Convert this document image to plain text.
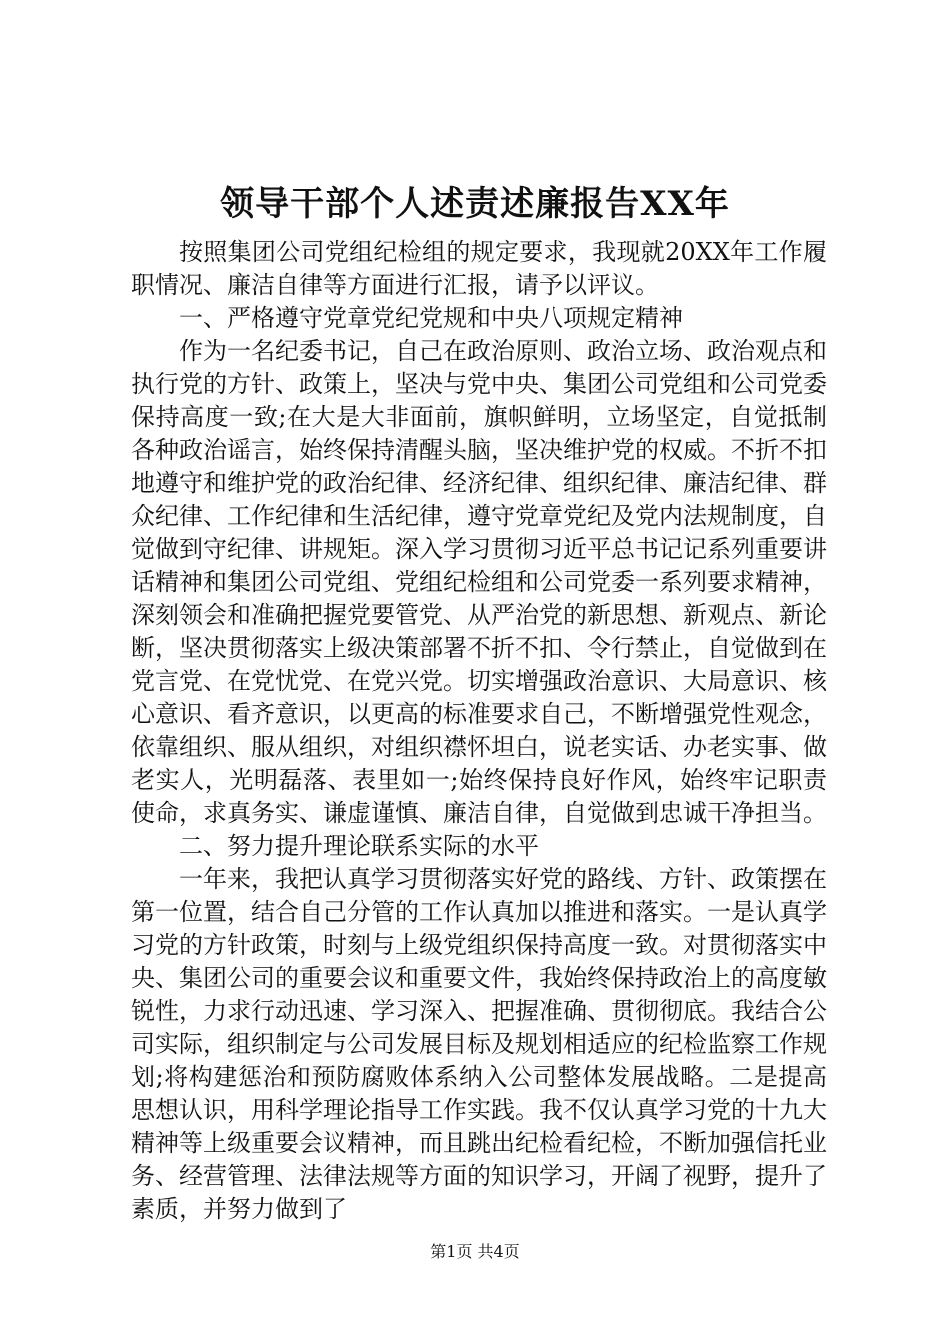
领导干部个人述责述廉报告XX年

按照集团公司党组纪检组的规定要求，我现就20XX年工作履职情况、廉洁自律等方面进行汇报，请予以评议。

一、严格遵守党章党纪党规和中央八项规定精神

作为一名纪委书记，自己在政治原则、政治立场、政治观点和执行党的方针、政策上，坚决与党中央、集团公司党组和公司党委保持高度一致;在大是大非面前，旗帜鲜明，立场坚定，自觉抵制各种政治谣言，始终保持清醒头脑，坚决维护党的权威。不折不扣地遵守和维护党的政治纪律、经济纪律、组织纪律、廉洁纪律、群众纪律、工作纪律和生活纪律，遵守党章党纪及党内法规制度，自觉做到守纪律、讲规矩。深入学习贯彻习近平总书记记系列重要讲话精神和集团公司党组、党组纪检组和公司党委一系列要求精神，深刻领会和准确把握党要管党、从严治党的新思想、新观点、新论断，坚决贯彻落实上级决策部署不折不扣、令行禁止，自觉做到在党言党、在党忧党、在党兴党。切实增强政治意识、大局意识、核心意识、看齐意识，以更高的标准要求自己，不断增强党性观念，依靠组织、服从组织，对组织襟怀坦白，说老实话、办老实事、做老实人，光明磊落、表里如一;始终保持良好作风，始终牢记职责使命，求真务实、谦虚谨慎、廉洁自律，自觉做到忠诚干净担当。

二、努力提升理论联系实际的水平

一年来，我把认真学习贯彻落实好党的路线、方针、政策摆在第一位置，结合自己分管的工作认真加以推进和落实。一是认真学习党的方针政策，时刻与上级党组织保持高度一致。对贯彻落实中央、集团公司的重要会议和重要文件，我始终保持政治上的高度敏锐性，力求行动迅速、学习深入、把握准确、贯彻彻底。我结合公司实际，组织制定与公司发展目标及规划相适应的纪检监察工作规划;将构建惩治和预防腐败体系纳入公司整体发展战略。二是提高思想认识，用科学理论指导工作实践。我不仅认真学习党的十九大精神等上级重要会议精神，而且跳出纪检看纪检，不断加强信托业务、经营管理、法律法规等方面的知识学习，开阔了视野，提升了素质，并努力做到了

第1页 共4页
